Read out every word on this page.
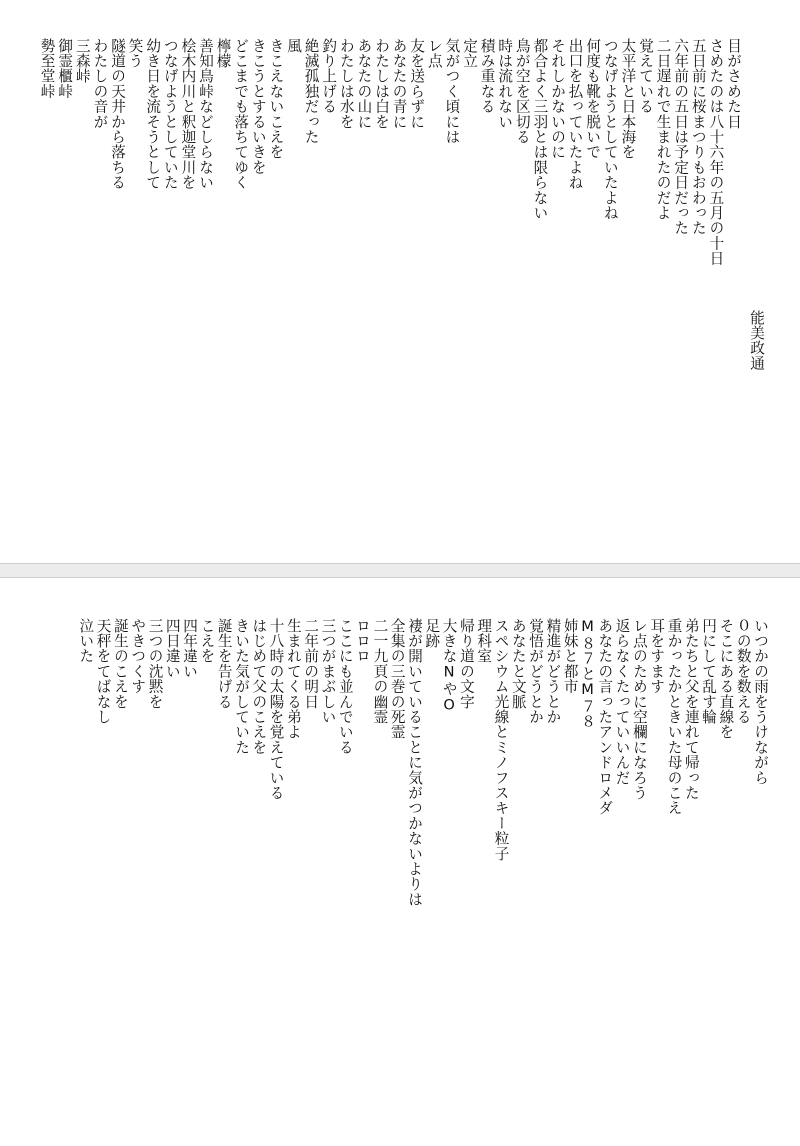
能美政通
目がさめた日
さめたのは八十六年の五月の十日
五日前に桜まつりもおわった
六年前の五日は予定日だった
二日遅れで生まれたのだよ
覚えている
太平洋と日本海を
つなげようとしていたよね
何度も靴を脱いで
出口を払っていたよね
それしかないのに
都合よく三羽とは限らない
鳥が空を区切る
時は流れない
積み重なる
定立
気がつく頃には
レ点
友を送らずに
あなたの青に
わたしは白を
あなたの山に
わたしは水を
釣り上げる
絶滅孤独だった
風
きこえないこえを
きこうとするいきを
どこまでも落ちてゆく
檸檬
善知鳥峠などしらない
桧木内川と釈迦堂川を
つなげようとしていた
幼き日を流そうとして
笑う
隧道の天井から落ちる
わたしの音が
三森峠
御霊櫃峠
勢至堂峠
いつかの雨をうけながら
０の数を数える
そこにある直線を
円にして乱す輪
弟たちと父を連れて帰った
重かったかときいた母のこえ
耳をすます
レ点のために空欄になろう
返らなくたっていいんだ
あなたの言ったアンドロメダ
M８７とM７８
姉妹と都市
精進がどうとか
覚悟がどうとか
あなたと文脈
スペシウム光線とミノフスキー粒子
理科室
帰り道の文字
大きなNやO
足跡
褄が開いていることに気がつかないよりは
全集の三巻の死霊
二一九頁の幽霊
ロロロ
ここにも並んでいる
三つがまぶしい
二年前の明日
生まれてくる弟よ
十八時の太陽を覚えている
はじめて父のこえを
きいた気がしていた
誕生を告げる
こえを
四年違い
四日違い
三つの沈黙を
やきつくす
誕生のこえを
天秤をてばなし
泣いた
